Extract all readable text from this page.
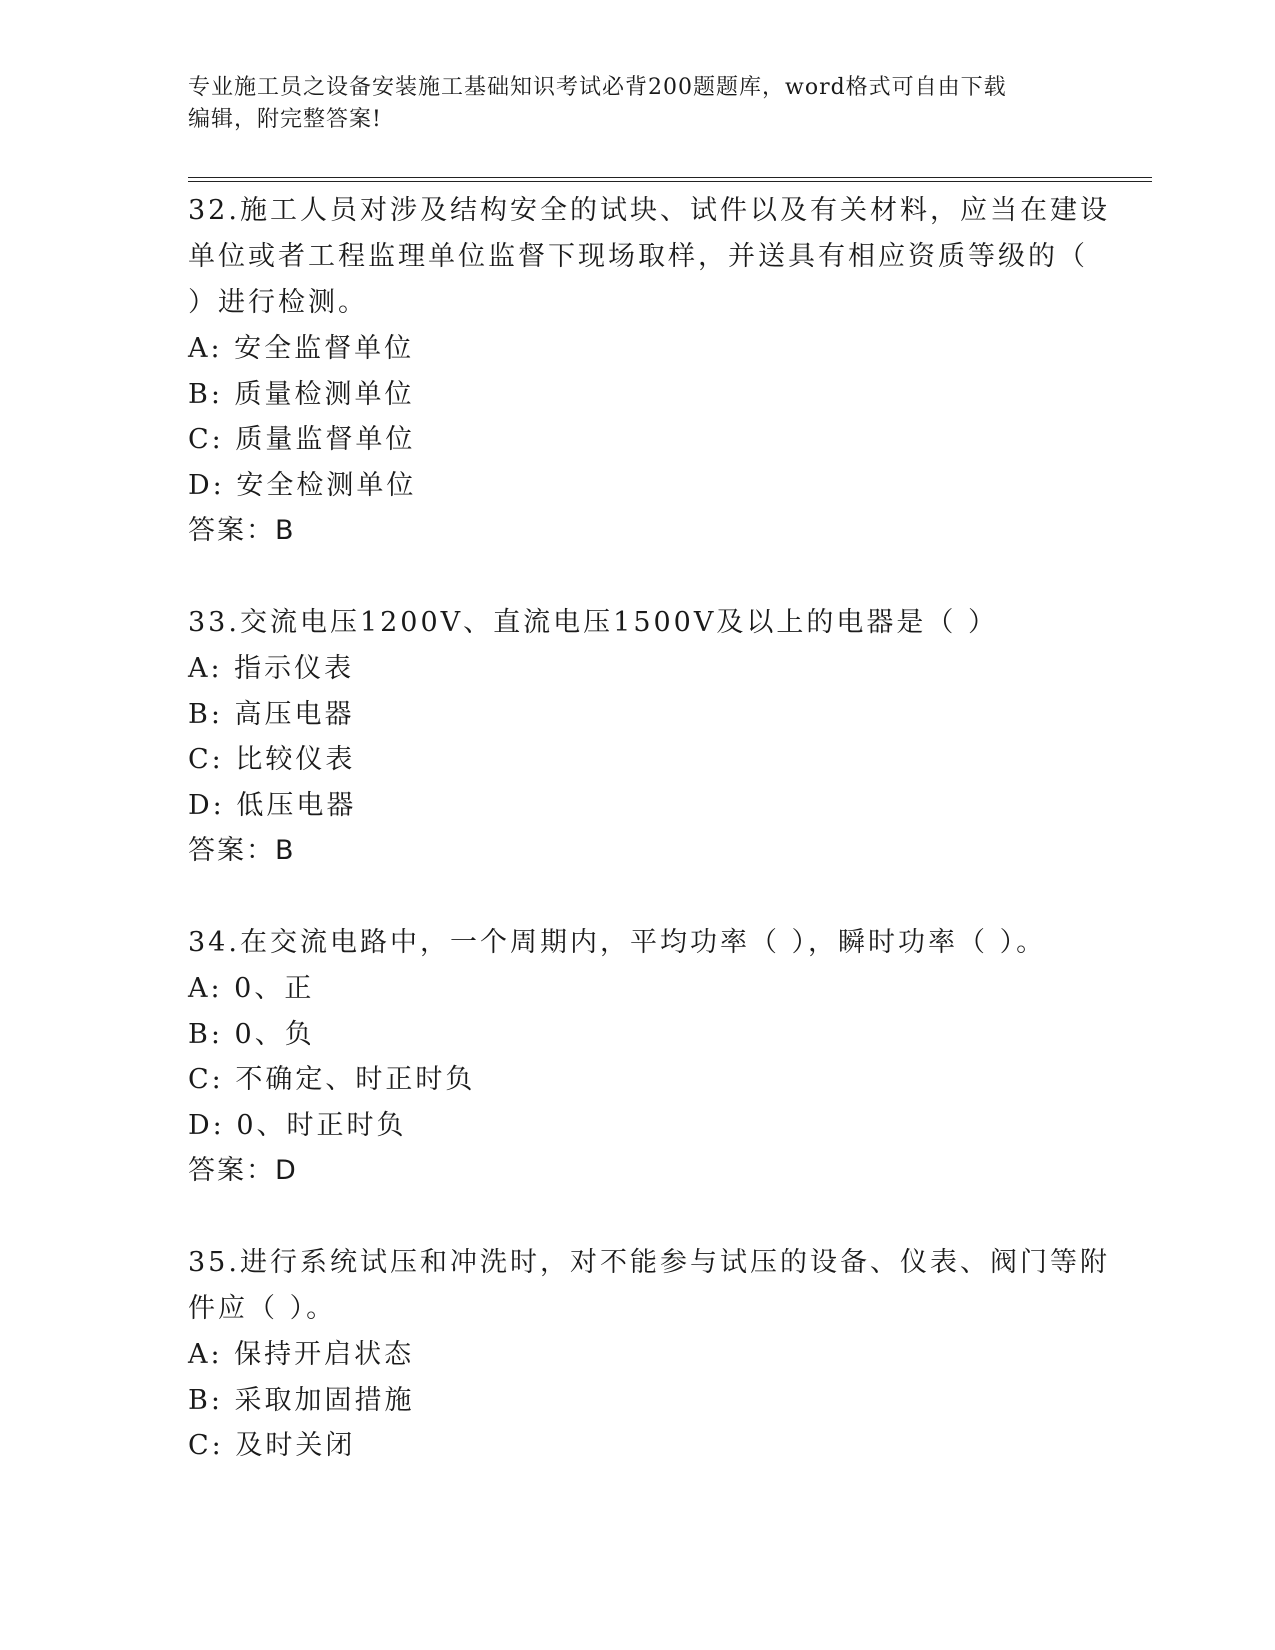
专业施工员之设备安装施工基础知识考试必背200题题库，word格式可自由下载
编辑，附完整答案!
32.施工人员对涉及结构安全的试块、试件以及有关材料，应当在建设
单位或者工程监理单位监督下现场取样，并送具有相应资质等级的（
）进行检测。
A: 安全监督单位
B: 质量检测单位
C: 质量监督单位
D: 安全检测单位
答案：B
33.交流电压1200V、直流电压1500V及以上的电器是（ ）
A: 指示仪表
B: 高压电器
C: 比较仪表
D: 低压电器
答案：B
34.在交流电路中，一个周期内，平均功率（ ），瞬时功率（ ）。
A: 0、正
B: 0、负
C: 不确定、时正时负
D: 0、时正时负
答案：D
35.进行系统试压和冲洗时，对不能参与试压的设备、仪表、阀门等附
件应（ ）。
A: 保持开启状态
B: 采取加固措施
C: 及时关闭
